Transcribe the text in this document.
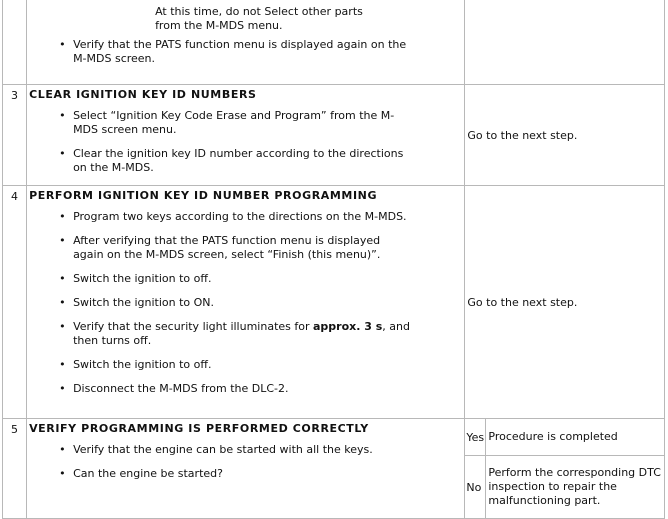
At this time, do not Select other parts
from the M-MDS menu.
• Verify that the PATS function menu is displayed again on the M-MDS screen.

3	CLEAR IGNITION KEY ID NUMBERS
• Select “Ignition Key Code Erase and Program” from the M-MDS screen menu.
• Clear the ignition key ID number according to the directions on the M-MDS.
	Go to the next step.
4	PERFORM IGNITION KEY ID NUMBER PROGRAMMING
• Program two keys according to the directions on the M-MDS.
• After verifying that the PATS function menu is displayed again on the M-MDS screen, select “Finish (this menu)”.
• Switch the ignition to off.
• Switch the ignition to ON.
• Verify that the security light illuminates for approx. 3 s, and then turns off.
• Switch the ignition to off.
• Disconnect the M-MDS from the DLC-2.
	Go to the next step.
5	VERIFY PROGRAMMING IS PERFORMED CORRECTLY
• Verify that the engine can be started with all the keys.
• Can the engine be started?

Yes	Procedure is completed
No	Perform the corresponding DTC inspection to repair the malfunctioning part.
